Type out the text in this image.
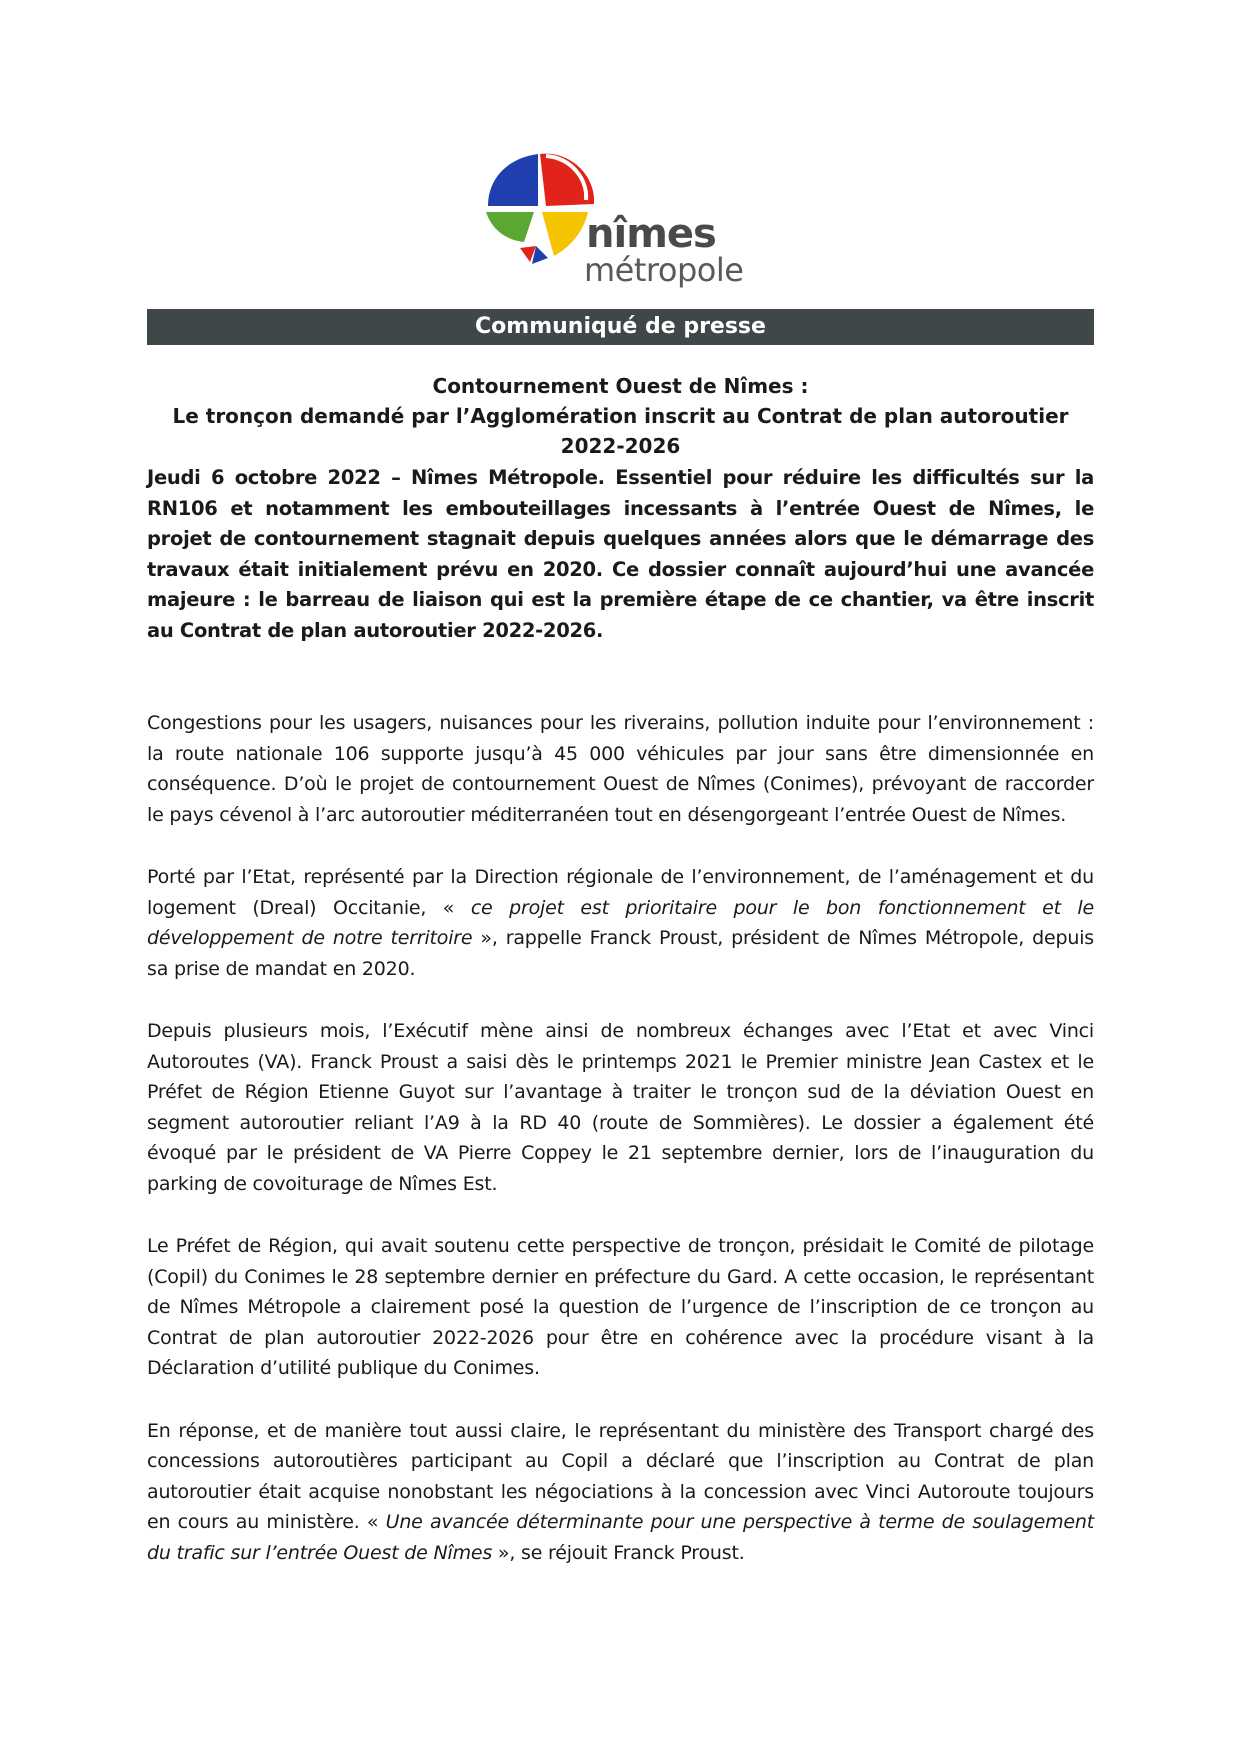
nîmes
métropole
Communiqué de presse
Contournement Ouest de Nîmes :
Le tronçon demandé par l’Agglomération inscrit au Contrat de plan autoroutier 2022-2026

Jeudi 6 octobre 2022 – Nîmes Métropole. Essentiel pour réduire les difficultés sur la RN106 et notamment les embouteillages incessants à l’entrée Ouest de Nîmes, le projet de contournement stagnait depuis quelques années alors que le démarrage des travaux était initialement prévu en 2020. Ce dossier connaît aujourd’hui une avancée majeure : le barreau de liaison qui est la première étape de ce chantier, va être inscrit au Contrat de plan autoroutier 2022-2026.

Congestions pour les usagers, nuisances pour les riverains, pollution induite pour l’environnement : la route nationale 106 supporte jusqu’à 45 000 véhicules par jour sans être dimensionnée en conséquence. D’où le projet de contournement Ouest de Nîmes (Conimes), prévoyant de raccorder le pays cévenol à l’arc autoroutier méditerranéen tout en désengorgeant l’entrée Ouest de Nîmes.

Porté par l’Etat, représenté par la Direction régionale de l’environnement, de l’aménagement et du logement (Dreal) Occitanie, « ce projet est prioritaire pour le bon fonctionnement et le développement de notre territoire », rappelle Franck Proust, président de Nîmes Métropole, depuis sa prise de mandat en 2020.

Depuis plusieurs mois, l’Exécutif mène ainsi de nombreux échanges avec l’Etat et avec Vinci Autoroutes (VA). Franck Proust a saisi dès le printemps 2021 le Premier ministre Jean Castex et le Préfet de Région Etienne Guyot sur l’avantage à traiter le tronçon sud de la déviation Ouest en segment autoroutier reliant l’A9 à la RD 40 (route de Sommières). Le dossier a également été évoqué par le président de VA Pierre Coppey le 21 septembre dernier, lors de l’inauguration du parking de covoiturage de Nîmes Est.

Le Préfet de Région, qui avait soutenu cette perspective de tronçon, présidait le Comité de pilotage (Copil) du Conimes le 28 septembre dernier en préfecture du Gard. A cette occasion, le représentant de Nîmes Métropole a clairement posé la question de l’urgence de l’inscription de ce tronçon au Contrat de plan autoroutier 2022-2026 pour être en cohérence avec la procédure visant à la Déclaration d’utilité publique du Conimes.

En réponse, et de manière tout aussi claire, le représentant du ministère des Transport chargé des concessions autoroutières participant au Copil a déclaré que l’inscription au Contrat de plan autoroutier était acquise nonobstant les négociations à la concession avec Vinci Autoroute toujours en cours au ministère. « Une avancée déterminante pour une perspective à terme de soulagement du trafic sur l’entrée Ouest de Nîmes », se réjouit Franck Proust.
